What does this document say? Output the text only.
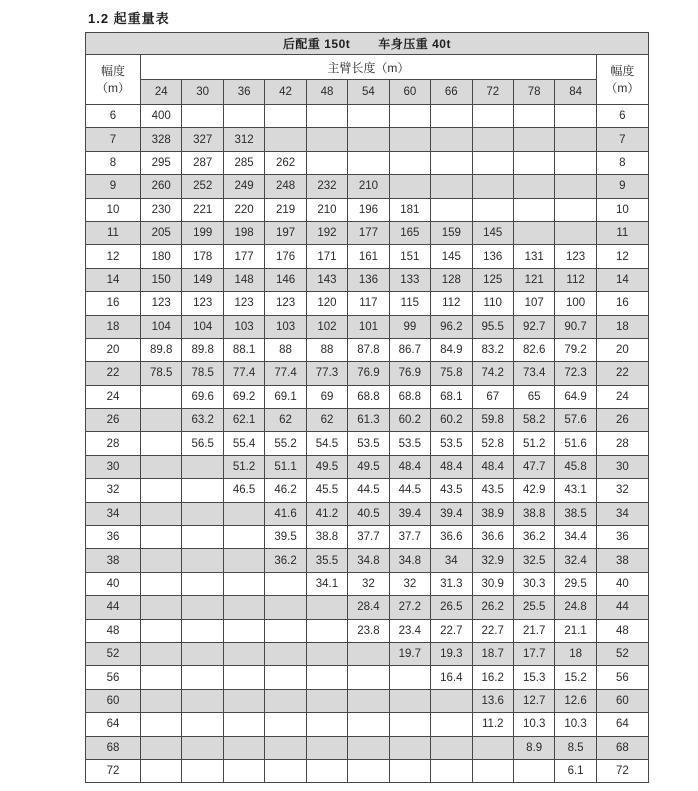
1.2 起重量表
后配重 150t 车身压重 40t												

幅度
（m）
	主臂长度（m）	幅度
（m）

	24	30	36	42	48	54	60	66	72	78	84	
6	400											6
7	328	327	312									7
8	295	287	285	262								8
9	260	252	249	248	232	210						9
10	230	221	220	219	210	196	181					10
11	205	199	198	197	192	177	165	159	145			11
12	180	178	177	176	171	161	151	145	136	131	123	12
14	150	149	148	146	143	136	133	128	125	121	112	14
16	123	123	123	123	120	117	115	112	110	107	100	16
18	104	104	103	103	102	101	99	96.2	95.5	92.7	90.7	18
20	89.8	89.8	88.1	88	88	87.8	86.7	84.9	83.2	82.6	79.2	20
22	78.5	78.5	77.4	77.4	77.3	76.9	76.9	75.8	74.2	73.4	72.3	22
24		69.6	69.2	69.1	69	68.8	68.8	68.1	67	65	64.9	24
26		63.2	62.1	62	62	61.3	60.2	60.2	59.8	58.2	57.6	26
28		56.5	55.4	55.2	54.5	53.5	53.5	53.5	52.8	51.2	51.6	28
30			51.2	51.1	49.5	49.5	48.4	48.4	48.4	47.7	45.8	30
32			46.5	46.2	45.5	44.5	44.5	43.5	43.5	42.9	43.1	32
34				41.6	41.2	40.5	39.4	39.4	38.9	38.8	38.5	34
36				39.5	38.8	37.7	37.7	36.6	36.6	36.2	34.4	36
38				36.2	35.5	34.8	34.8	34	32.9	32.5	32.4	38
40					34.1	32	32	31.3	30.9	30.3	29.5	40
44						28.4	27.2	26.5	26.2	25.5	24.8	44
48						23.8	23.4	22.7	22.7	21.7	21.1	48
52							19.7	19.3	18.7	17.7	18	52
56								16.4	16.2	15.3	15.2	56
60									13.6	12.7	12.6	60
64									11.2	10.3	10.3	64
68										8.9	8.5	68
72											6.1	72
